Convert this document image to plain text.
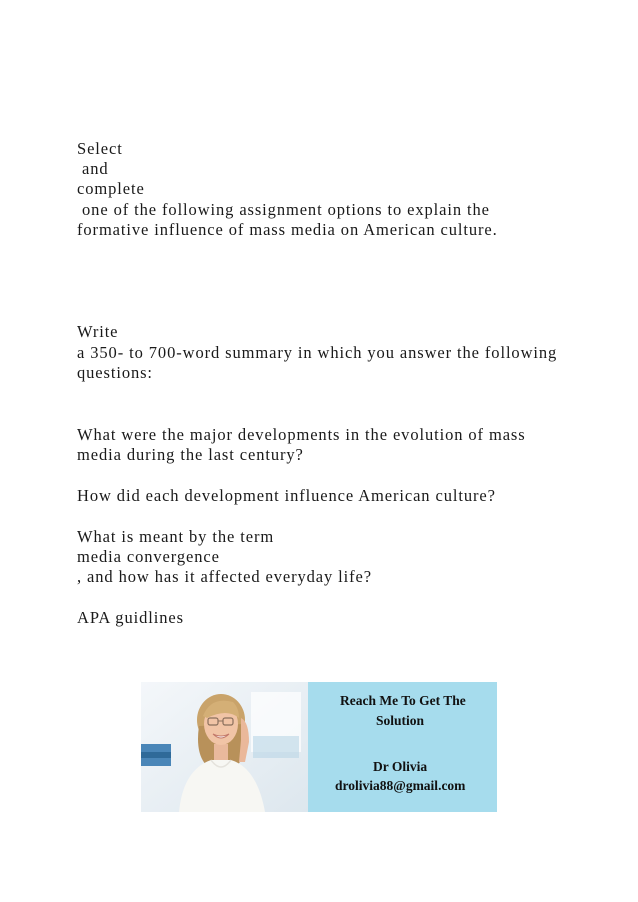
Select
and
complete
one of the following assignment options to explain the
formative influence of mass media on American culture.
Write
a 350- to 700-word summary in which you answer the following
questions:
What were the major developments in the evolution of mass
media during the last century?
How did each development influence American culture?
What is meant by the term
media convergence
, and how has it affected everyday life?
APA guidlines
Reach Me To Get The
Solution
Dr Olivia
drolivia88@gmail.com
